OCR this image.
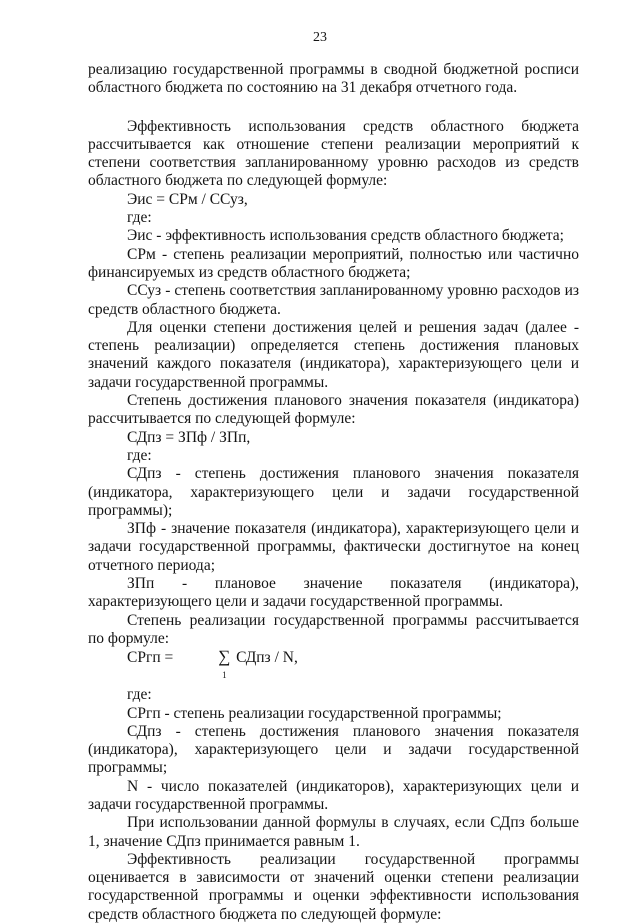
23

реализацию государственной программы в сводной бюджетной росписи областного бюджета по состоянию на 31 декабря отчетного года.

Эффективность использования средств областного бюджета рассчитывается как отношение степени реализации мероприятий к степени соответствия запланированному уровню расходов из средств областного бюджета по следующей формуле:

Эис = СРм / ССуз,

где:

Эис - эффективность использования средств областного бюджета;

СРм - степень реализации мероприятий, полностью или частично финансируемых из средств областного бюджета;

ССуз - степень соответствия запланированному уровню расходов из средств областного бюджета.

Для оценки степени достижения целей и решения задач (далее - степень реализации) определяется степень достижения плановых значений каждого показателя (индикатора), характеризующего цели и задачи государственной программы.

Степень достижения планового значения показателя (индикатора) рассчитывается по следующей формуле:

СДпз = ЗПф / ЗПп,

где:

СДпз - степень достижения планового значения показателя (индикатора, характеризующего цели и задачи государственной программы);

ЗПф - значение показателя (индикатора), характеризующего цели и задачи государственной программы, фактически достигнутое на конец отчетного периода;

ЗПп - плановое значение показателя (индикатора), характеризующего цели и задачи государственной программы.

Степень реализации государственной программы рассчитывается по формуле:

СРгп =	∑
1
СДпз / N,

где:

СРгп - степень реализации государственной программы;

СДпз - степень достижения планового значения показателя (индикатора), характеризующего цели и задачи государственной программы;

N - число показателей (индикаторов), характеризующих цели и задачи государственной программы.

При использовании данной формулы в случаях, если СДпз больше 1, значение СДпз принимается равным 1.

Эффективность реализации государственной программы оценивается в зависимости от значений оценки степени реализации государственной программы и оценки эффективности использования средств областного бюджета по следующей формуле:
